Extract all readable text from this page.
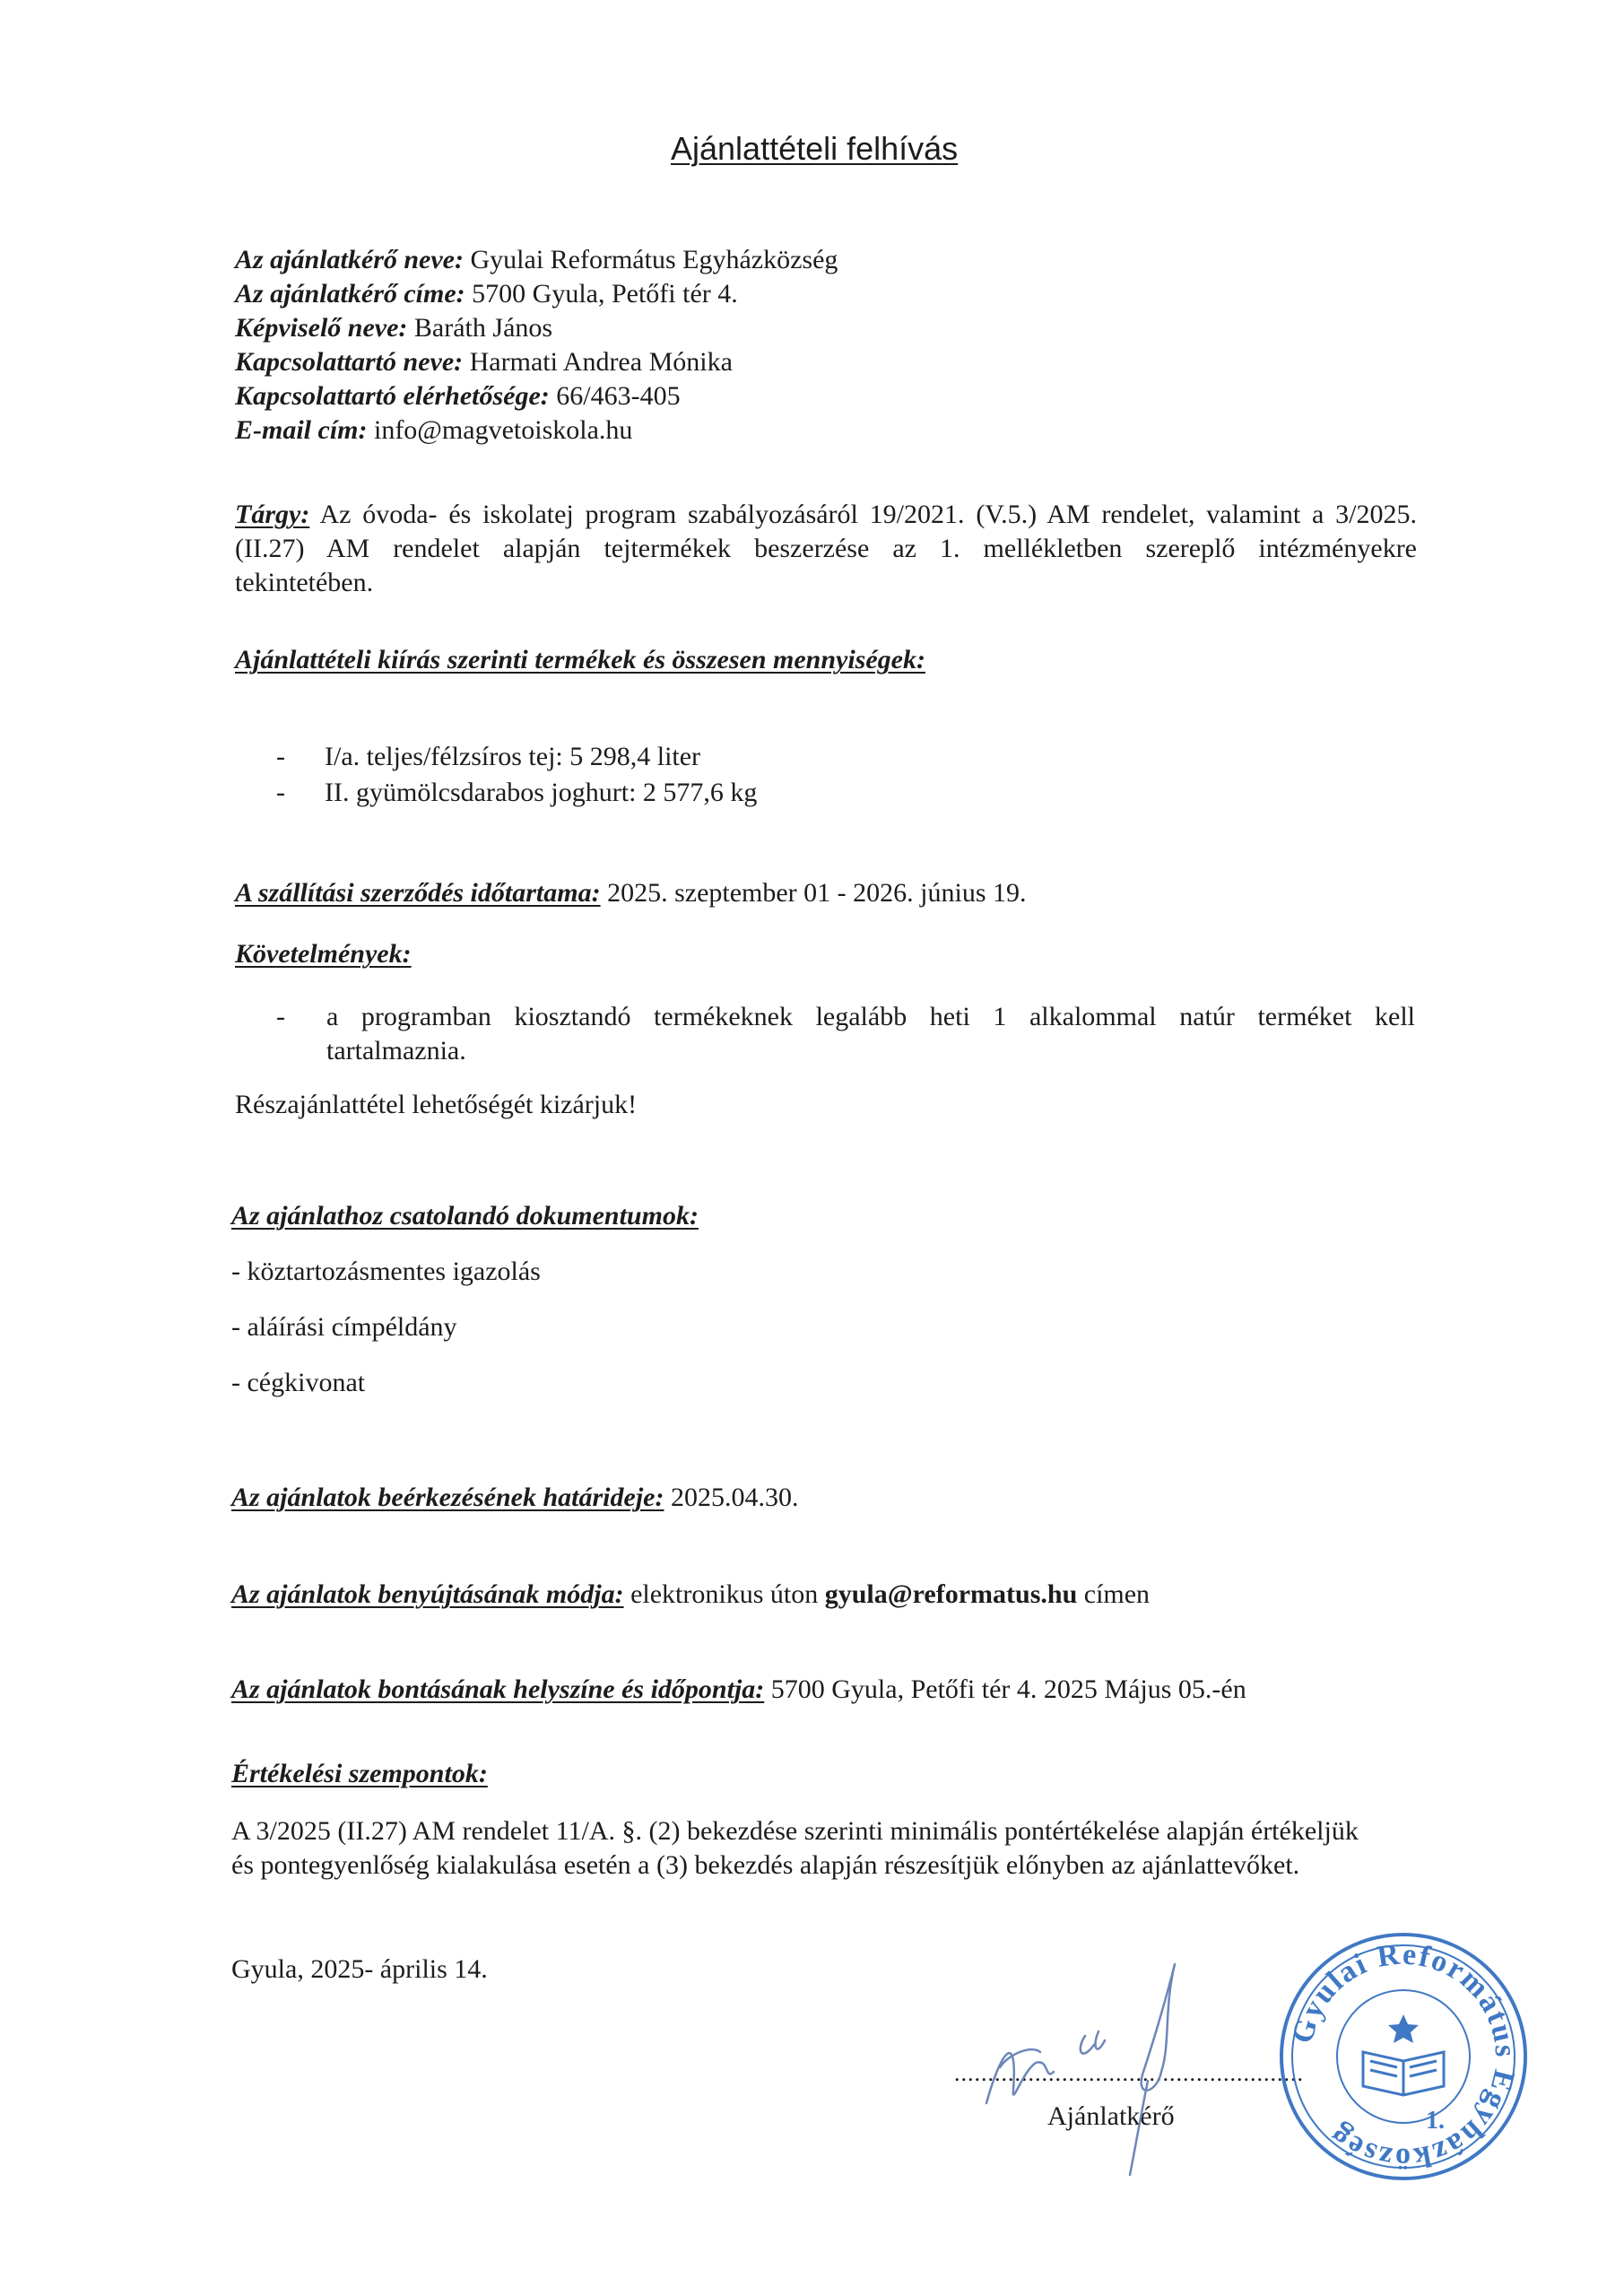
Ajánlattételi felhívás
Az ajánlatkérő neve: Gyulai Református Egyházközség
Az ajánlatkérő címe: 5700 Gyula, Petőfi tér 4.
Képviselő neve: Baráth János
Kapcsolattartó neve: Harmati Andrea Mónika
Kapcsolattartó elérhetősége: 66/463-405
E-mail cím: info@magvetoiskola.hu
Tárgy: Az óvoda- és iskolatej program szabályozásáról 19/2021. (V.5.) AM rendelet, valamint a 3/2025.
(II.27) AM rendelet alapján tejtermékek beszerzése az 1. mellékletben szereplő intézményekre
tekintetében.
Ajánlattételi kiírás szerinti termékek és összesen mennyiségek:
- I/a. teljes/félzsíros tej: 5 298,4 liter
- II. gyümölcsdarabos joghurt: 2 577,6 kg
A szállítási szerződés időtartama: 2025. szeptember 01 - 2026. június 19.
Követelmények:
- a programban kiosztandó termékeknek legalább heti 1 alkalommal natúr terméket kell
tartalmaznia.
Részajánlattétel lehetőségét kizárjuk!
Az ajánlathoz csatolandó dokumentumok:
- köztartozásmentes igazolás
- aláírási címpéldány
- cégkivonat
Az ajánlatok beérkezésének határideje: 2025.04.30.
Az ajánlatok benyújtásának módja: elektronikus úton gyula@reformatus.hu címen
Az ajánlatok bontásának helyszíne és időpontja: 5700 Gyula, Petőfi tér 4. 2025 Május 05.-én
Értékelési szempontok:
A 3/2025 (II.27) AM rendelet 11/A. §. (2) bekezdése szerinti minimális pontértékelése alapján értékeljük
és pontegyenlőség kialakulása esetén a (3) bekezdés alapján részesítjük előnyben az ajánlattevőket.
Gyula, 2025- április 14.
....................................................
Ajánlatkérő
Gyulai Református Egyházközség	1.
